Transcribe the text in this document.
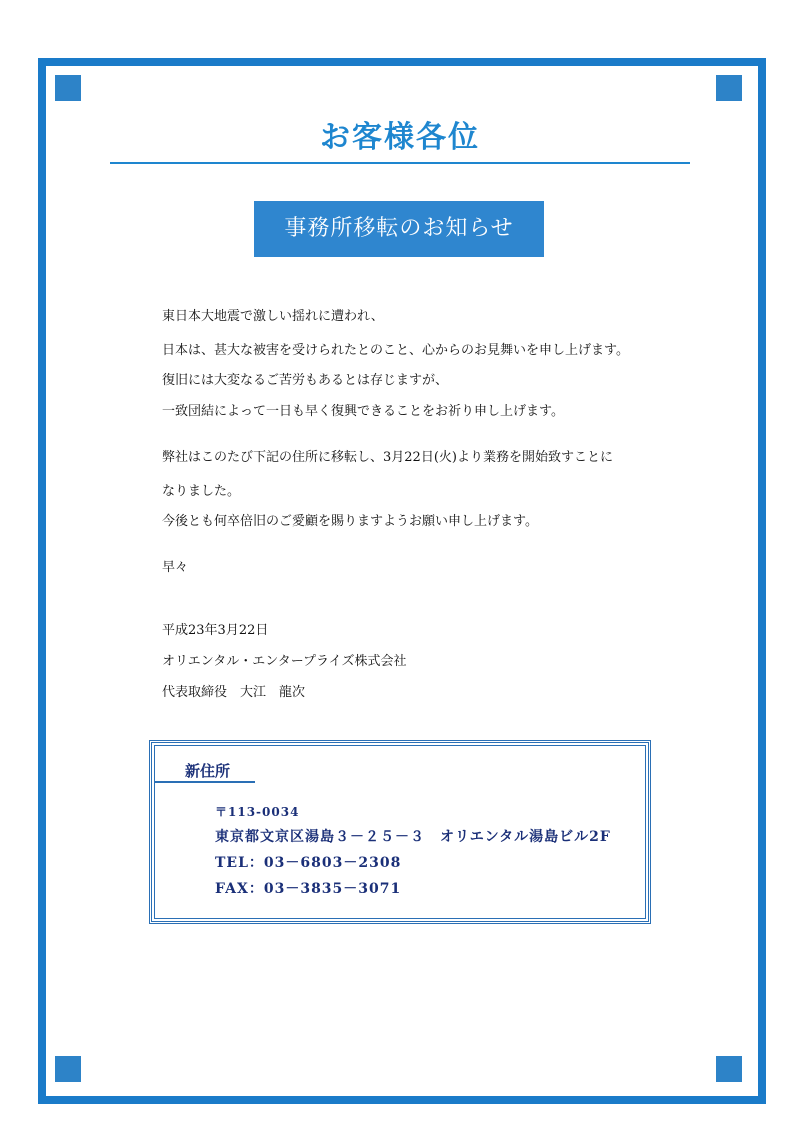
お客様各位
事務所移転のお知らせ
東日本大地震で激しい揺れに遭われ、
日本は、甚大な被害を受けられたとのこと、心からのお見舞いを申し上げます。
復旧には大変なるご苦労もあるとは存じますが、
一致団結によって一日も早く復興できることをお祈り申し上げます。
弊社はこのたび下記の住所に移転し、3月22日(火)より業務を開始致すことに
なりました。
今後とも何卒倍旧のご愛顧を賜りますようお願い申し上げます。
早々
平成23年3月22日
オリエンタル・エンタープライズ株式会社
代表取締役　大江　龍次
新住所
〒113-0034
東京都文京区湯島３－２５－３　オリエンタル湯島ビル2F
TEL：03－6803－2308
FAX：03－3835－3071
